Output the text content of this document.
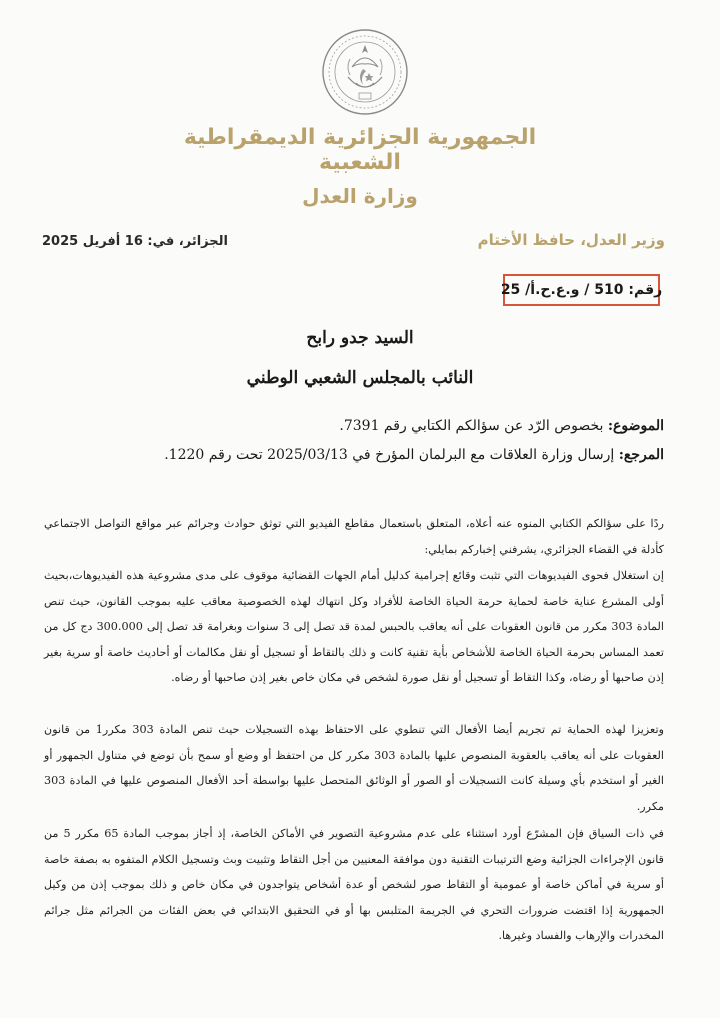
الجمهورية الجزائرية الديمقراطية الشعبية
وزارة العدل
وزير العدل، حافظ الأختام
الجزائر، في: 16 أفريل 2025
رقم: 510 / و.ع.ح.أ/ 25
السيد جدو رابح
النائب بالمجلس الشعبي الوطني
الموضوع: بخصوص الرّد عن سؤالكم الكتابي رقم 7391.
المرجع: إرسال وزارة العلاقات مع البرلمان المؤرخ في 2025/03/13 تحت رقم 1220.

ردًا على سؤالكم الكتابي المنوه عنه أعلاه، المتعلق باستعمال مقاطع الفيديو التي توثق حوادث وجرائم عبر مواقع التواصل الاجتماعي كأدلة في القضاء الجزائري، يشرفني إخباركم بمايلي:

إن استغلال فحوى الفيديوهات التي تثبت وقائع إجرامية كدليل أمام الجهات القضائية موقوف على مدى مشروعية هذه الفيديوهات،بحيث أولى المشرع عناية خاصة لحماية حرمة الحياة الخاصة للأفراد وكل انتهاك لهذه الخصوصية معاقب عليه بموجب القانون، حيث تنص المادة 303 مكرر من قانون العقوبات على أنه يعاقب بالحبس لمدة قد تصل إلى 3 سنوات وبغرامة قد تصل إلى 300.000 دج كل من تعمد المساس بحرمة الحياة الخاصة للأشخاص بأية تقنية كانت و ذلك بالتقاط أو تسجيل أو نقل مكالمات أو أحاديث خاصة أو سرية بغير إذن صاحبها أو رضاه، وكذا التقاط أو تسجيل أو نقل صورة لشخص في مكان خاص بغير إذن صاحبها أو رضاه.

وتعزيزا لهذه الحماية تم تجريم أيضا الأفعال التي تنطوي على الاحتفاظ بهذه التسجيلات حيث تنص المادة 303 مكرر1 من قانون العقوبات على أنه يعاقب بالعقوبة المنصوص عليها بالمادة 303 مكرر كل من احتفظ أو وضع أو سمح بأن توضع في متناول الجمهور أو الغير أو استخدم بأي وسيلة كانت التسجيلات أو الصور أو الوثائق المتحصل عليها بواسطة أحد الأفعال المنصوص عليها في المادة 303 مكرر.

في ذات السياق فإن المشرّع أورد استثناء على عدم مشروعية التصوير في الأماكن الخاصة، إذ أجاز بموجب المادة 65 مكرر 5 من قانون الإجراءات الجزائية وضع الترتيبات التقنية دون موافقة المعنيين من أجل التقاط وتثبيت وبث وتسجيل الكلام المتفوه به بصفة خاصة أو سرية في أماكن خاصة أو عمومية أو التقاط صور لشخص أو عدة أشخاص يتواجدون في مكان خاص و ذلك بموجب إذن من وكيل الجمهورية إذا اقتضت ضرورات التحري في الجريمة المتلبس بها أو في التحقيق الابتدائي في بعض الفئات من الجرائم مثل جرائم المخدرات والإرهاب والفساد وغيرها.
